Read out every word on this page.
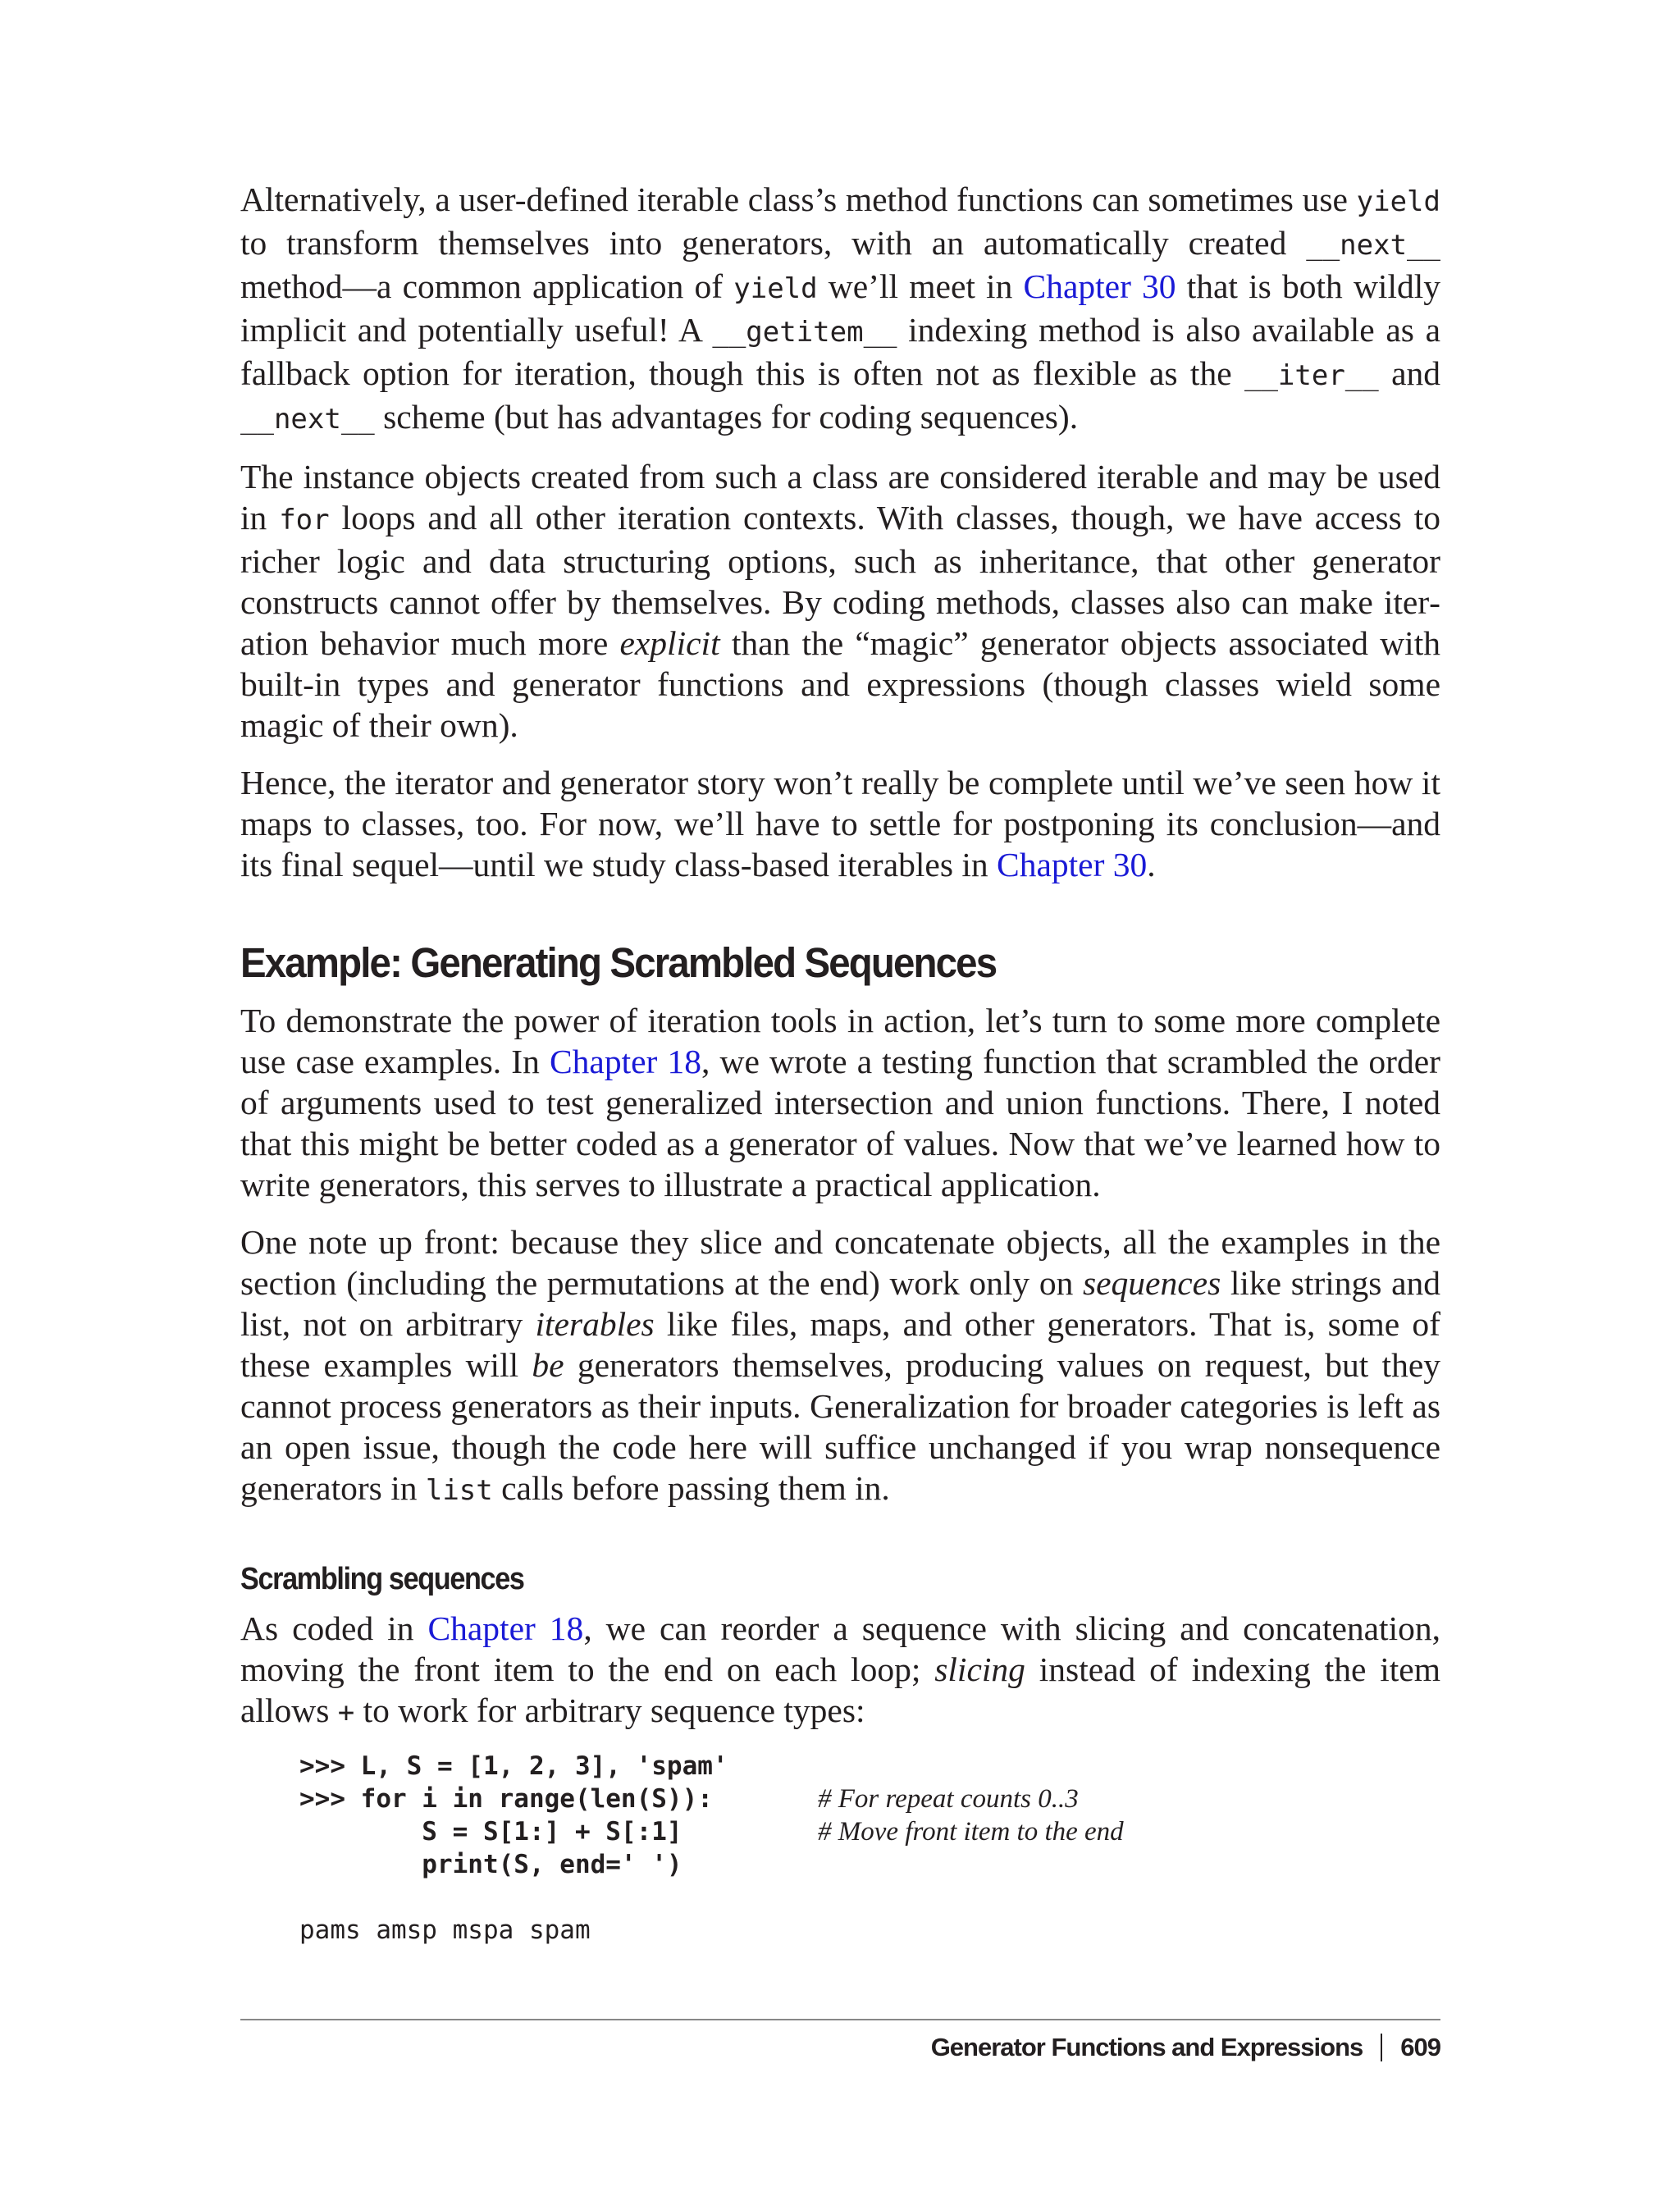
Alternatively, a user-defined iterable class’s method functions can sometimes use yield to transform themselves into generators, with an automatically created __next__ method—a common application of yield we’ll meet in Chapter 30 that is both wildly implicit and potentially useful! A __getitem__ indexing method is also available as a fallback option for iteration, though this is often not as flexible as the __iter__ and __next__ scheme (but has advantages for coding sequences).

The instance objects created from such a class are considered iterable and may be used in for loops and all other iteration contexts. With classes, though, we have access to richer logic and data structuring options, such as inheritance, that other generator constructs cannot offer by themselves. By coding methods, classes also can make iteration behavior much more explicit than the “magic” generator objects associated with built-in types and generator functions and expressions (though classes wield some magic of their own).

Hence, the iterator and generator story won’t really be complete until we’ve seen how it maps to classes, too. For now, we’ll have to settle for postponing its conclusion—and its final sequel—until we study class-based iterables in Chapter 30.

Example: Generating Scrambled Sequences

To demonstrate the power of iteration tools in action, let’s turn to some more complete use case examples. In Chapter 18, we wrote a testing function that scrambled the order of arguments used to test generalized intersection and union functions. There, I noted that this might be better coded as a generator of values. Now that we’ve learned how to write generators, this serves to illustrate a practical application.

One note up front: because they slice and concatenate objects, all the examples in the section (including the permutations at the end) work only on sequences like strings and list, not on arbitrary iterables like files, maps, and other generators. That is, some of these examples will be generators themselves, producing values on request, but they cannot process generators as their inputs. Generalization for broader categories is left as an open issue, though the code here will suffice unchanged if you wrap nonsequence generators in list calls before passing them in.

Scrambling sequences

As coded in Chapter 18, we can reorder a sequence with slicing and concatenation, moving the front item to the end on each loop; slicing instead of indexing the item allows + to work for arbitrary sequence types:

>>> L, S = [1, 2, 3], 'spam'
>>> for i in range(len(S)):	# For repeat counts 0..3
S = S[1:] + S[:1]	# Move front item to the end
print(S, end=' ')
pams amsp mspa spam
Generator Functions and Expressions 609
